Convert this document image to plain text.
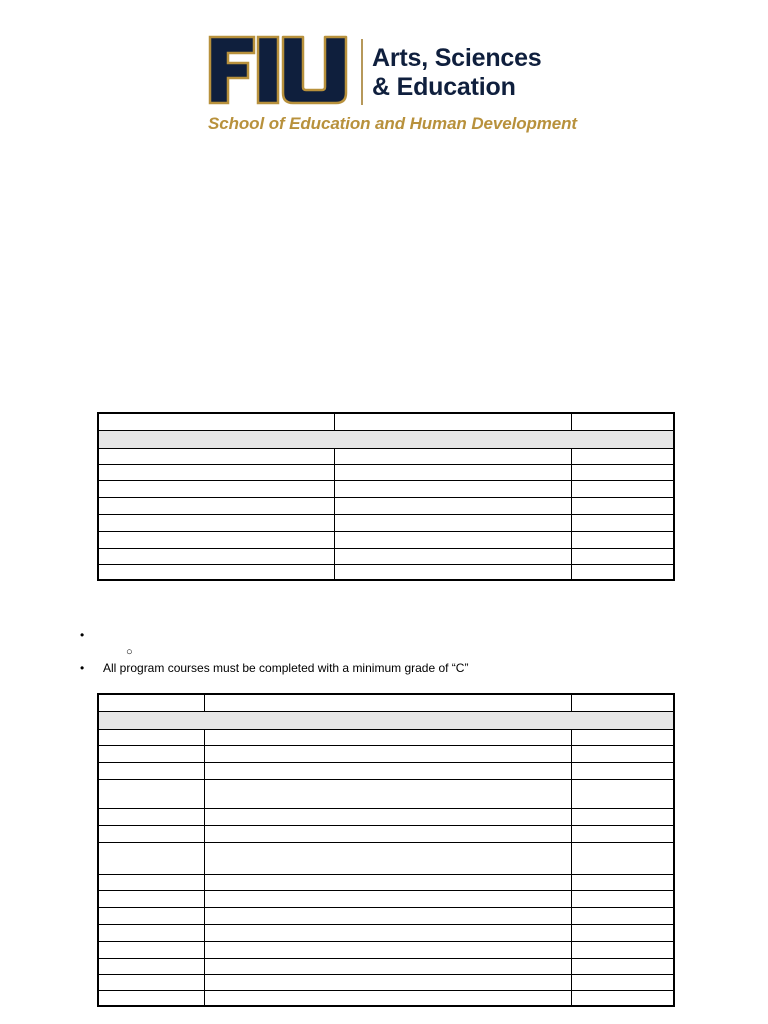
Arts, Sciences
& Education
School of Education and Human Development

•
○
• All program courses must be completed with a minimum grade of “C”
